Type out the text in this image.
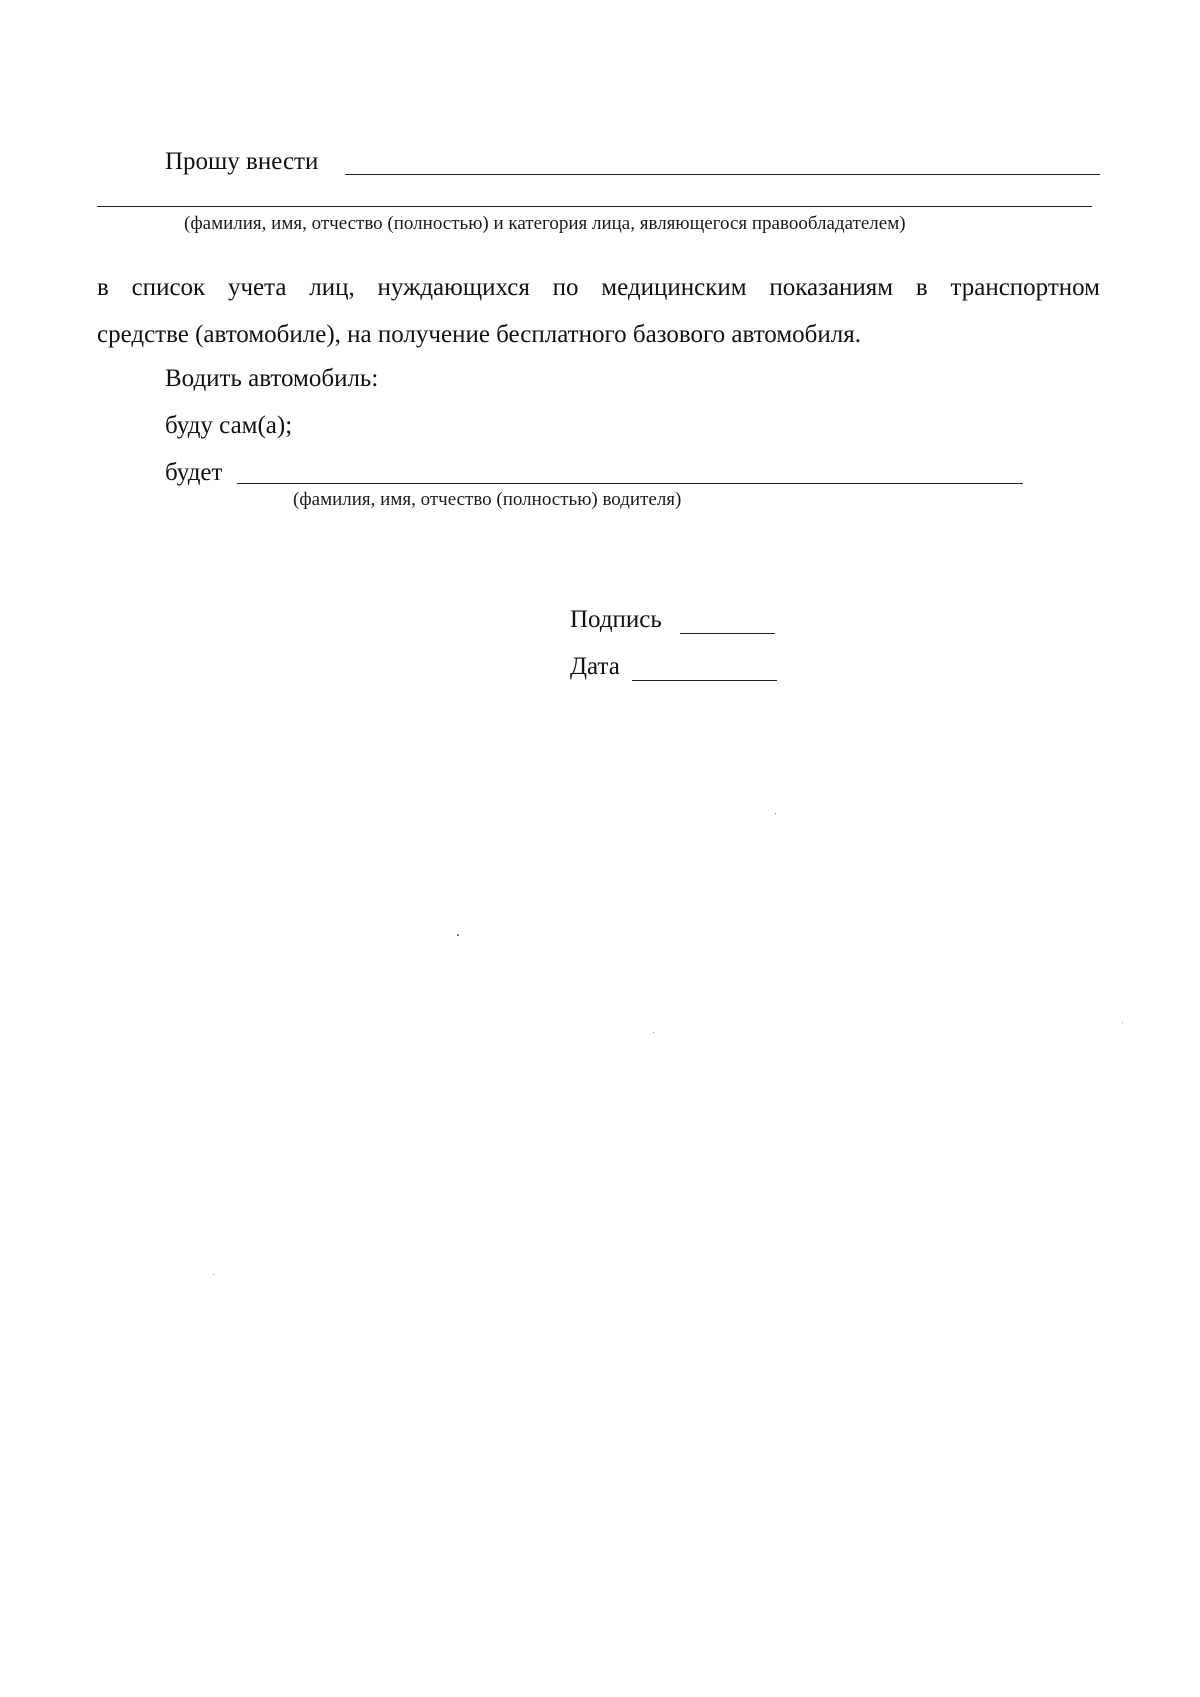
Прошу внести
(фамилия, имя, отчество (полностью) и категория лица, являющегося правообладателем)
в список учета лиц, нуждающихся по медицинским показаниям в транспортном
средстве (автомобиле), на получение бесплатного базового автомобиля.
Водить автомобиль:
буду сам(а);
будет
(фамилия, имя, отчество (полностью) водителя)
Подпись
Дата
